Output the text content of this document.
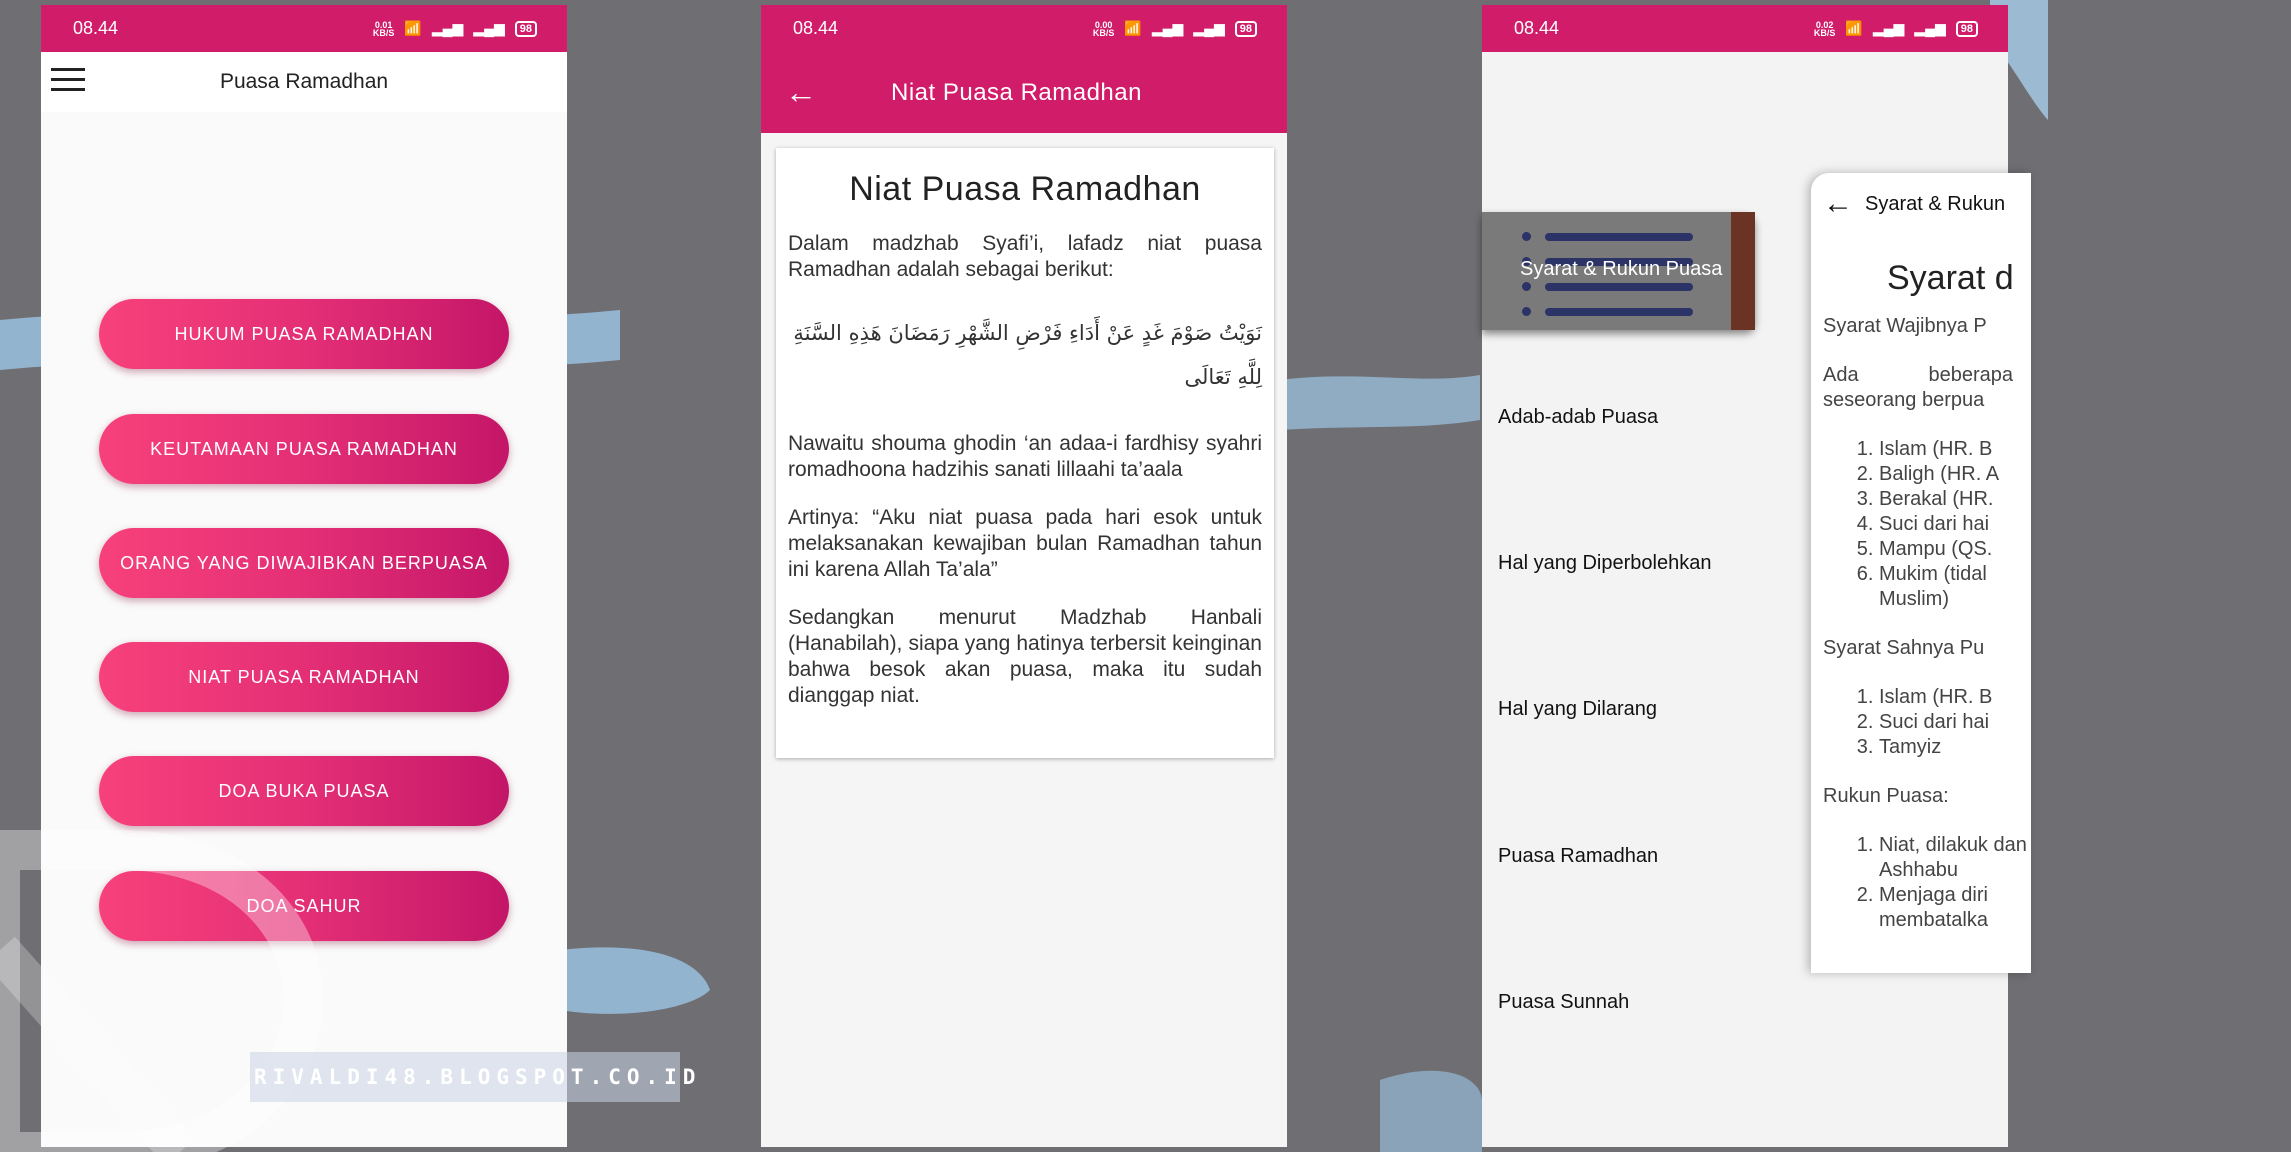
08.44	0.01
KB/S 📶 ▂▄▆ ▂▄▆	98
Puasa Ramadhan
HUKUM PUASA RAMADHAN
KEUTAMAAN PUASA RAMADHAN
ORANG YANG DIWAJIBKAN BERPUASA
NIAT PUASA RAMADHAN
DOA BUKA PUASA
DOA SAHUR
RIVALDI48.BLOGSPOT.CO.ID
08.44	0.00
KB/S 📶 ▂▄▆ ▂▄▆	98
←	Niat Puasa Ramadhan
Niat Puasa Ramadhan

Dalam madzhab Syafi’i, lafadz niat puasa Ramadhan adalah sebagai berikut:

نَوَيْتُ صَوْمَ غَدٍ عَنْ أَدَاءِ فَرْضِ الشَّهْرِ رَمَضَانَ هَذِهِ السَّنَةِ لِلَّهِ تَعَالَى

Nawaitu shouma ghodin ‘an adaa-i fardhisy syahri romadhoona hadzihis sanati lillaahi ta’aala

Artinya: “Aku niat puasa pada hari esok untuk melaksanakan kewajiban bulan Ramadhan tahun ini karena Allah Ta’ala”

Sedangkan menurut Madzhab Hanbali (Hanabilah), siapa yang hatinya terbersit keinginan bahwa besok akan puasa, maka itu sudah dianggap niat.

08.44	0.02
KB/S 📶 ▂▄▆ ▂▄▆	98
Syarat & Rukun Puasa
Adab-adab Puasa
Hal yang Diperbolehkan
Hal yang Dilarang
Puasa Ramadhan
Puasa Sunnah
← Syarat & Rukun
Syarat d

Syarat Wajibnya P

Ada beberapa seseorang berpua

1. Islam (HR. B
2. Baligh (HR. A
3. Berakal (HR.
4. Suci dari hai
5. Mampu (QS.
6. Mukim (tidal Muslim)

Syarat Sahnya Pu

1. Islam (HR. B
2. Suci dari hai
3. Tamyiz

Rukun Puasa:

1. Niat, dilakuk dan Ashhabu
2. Menjaga diri membatalka
